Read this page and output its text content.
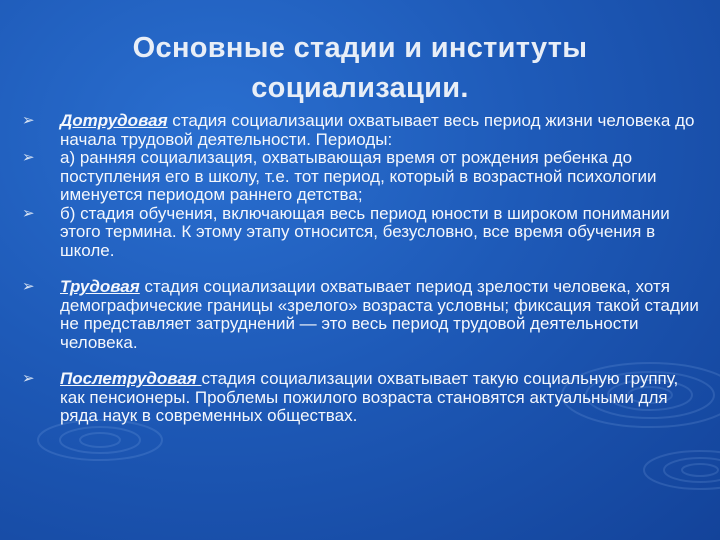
Основные стадии и институты
социализации.
➢ Дотрудовая стадия социализации охватывает весь период жизни человека до начала трудовой деятельности. Периоды:
➢ а) ранняя социализация, охватывающая время от рождения ребенка до поступления его в школу, т.е. тот период, который в возрастной психологии именуется периодом раннего детства;
➢ б) стадия обучения, включающая весь период юности в широком понимании этого термина. К этому этапу относится, безусловно, все время обучения в школе.
➢ Трудовая стадия социализации охватывает период зрелости человека, хотя демографические границы «зрелого» возраста условны; фиксация такой стадии не представляет затруднений — это весь период трудовой деятельности человека.
➢ Послетрудовая стадия социализации охватывает такую социальную группу, как пенсионеры. Проблемы пожилого возраста становятся актуальными для ряда наук в современных обществах.
